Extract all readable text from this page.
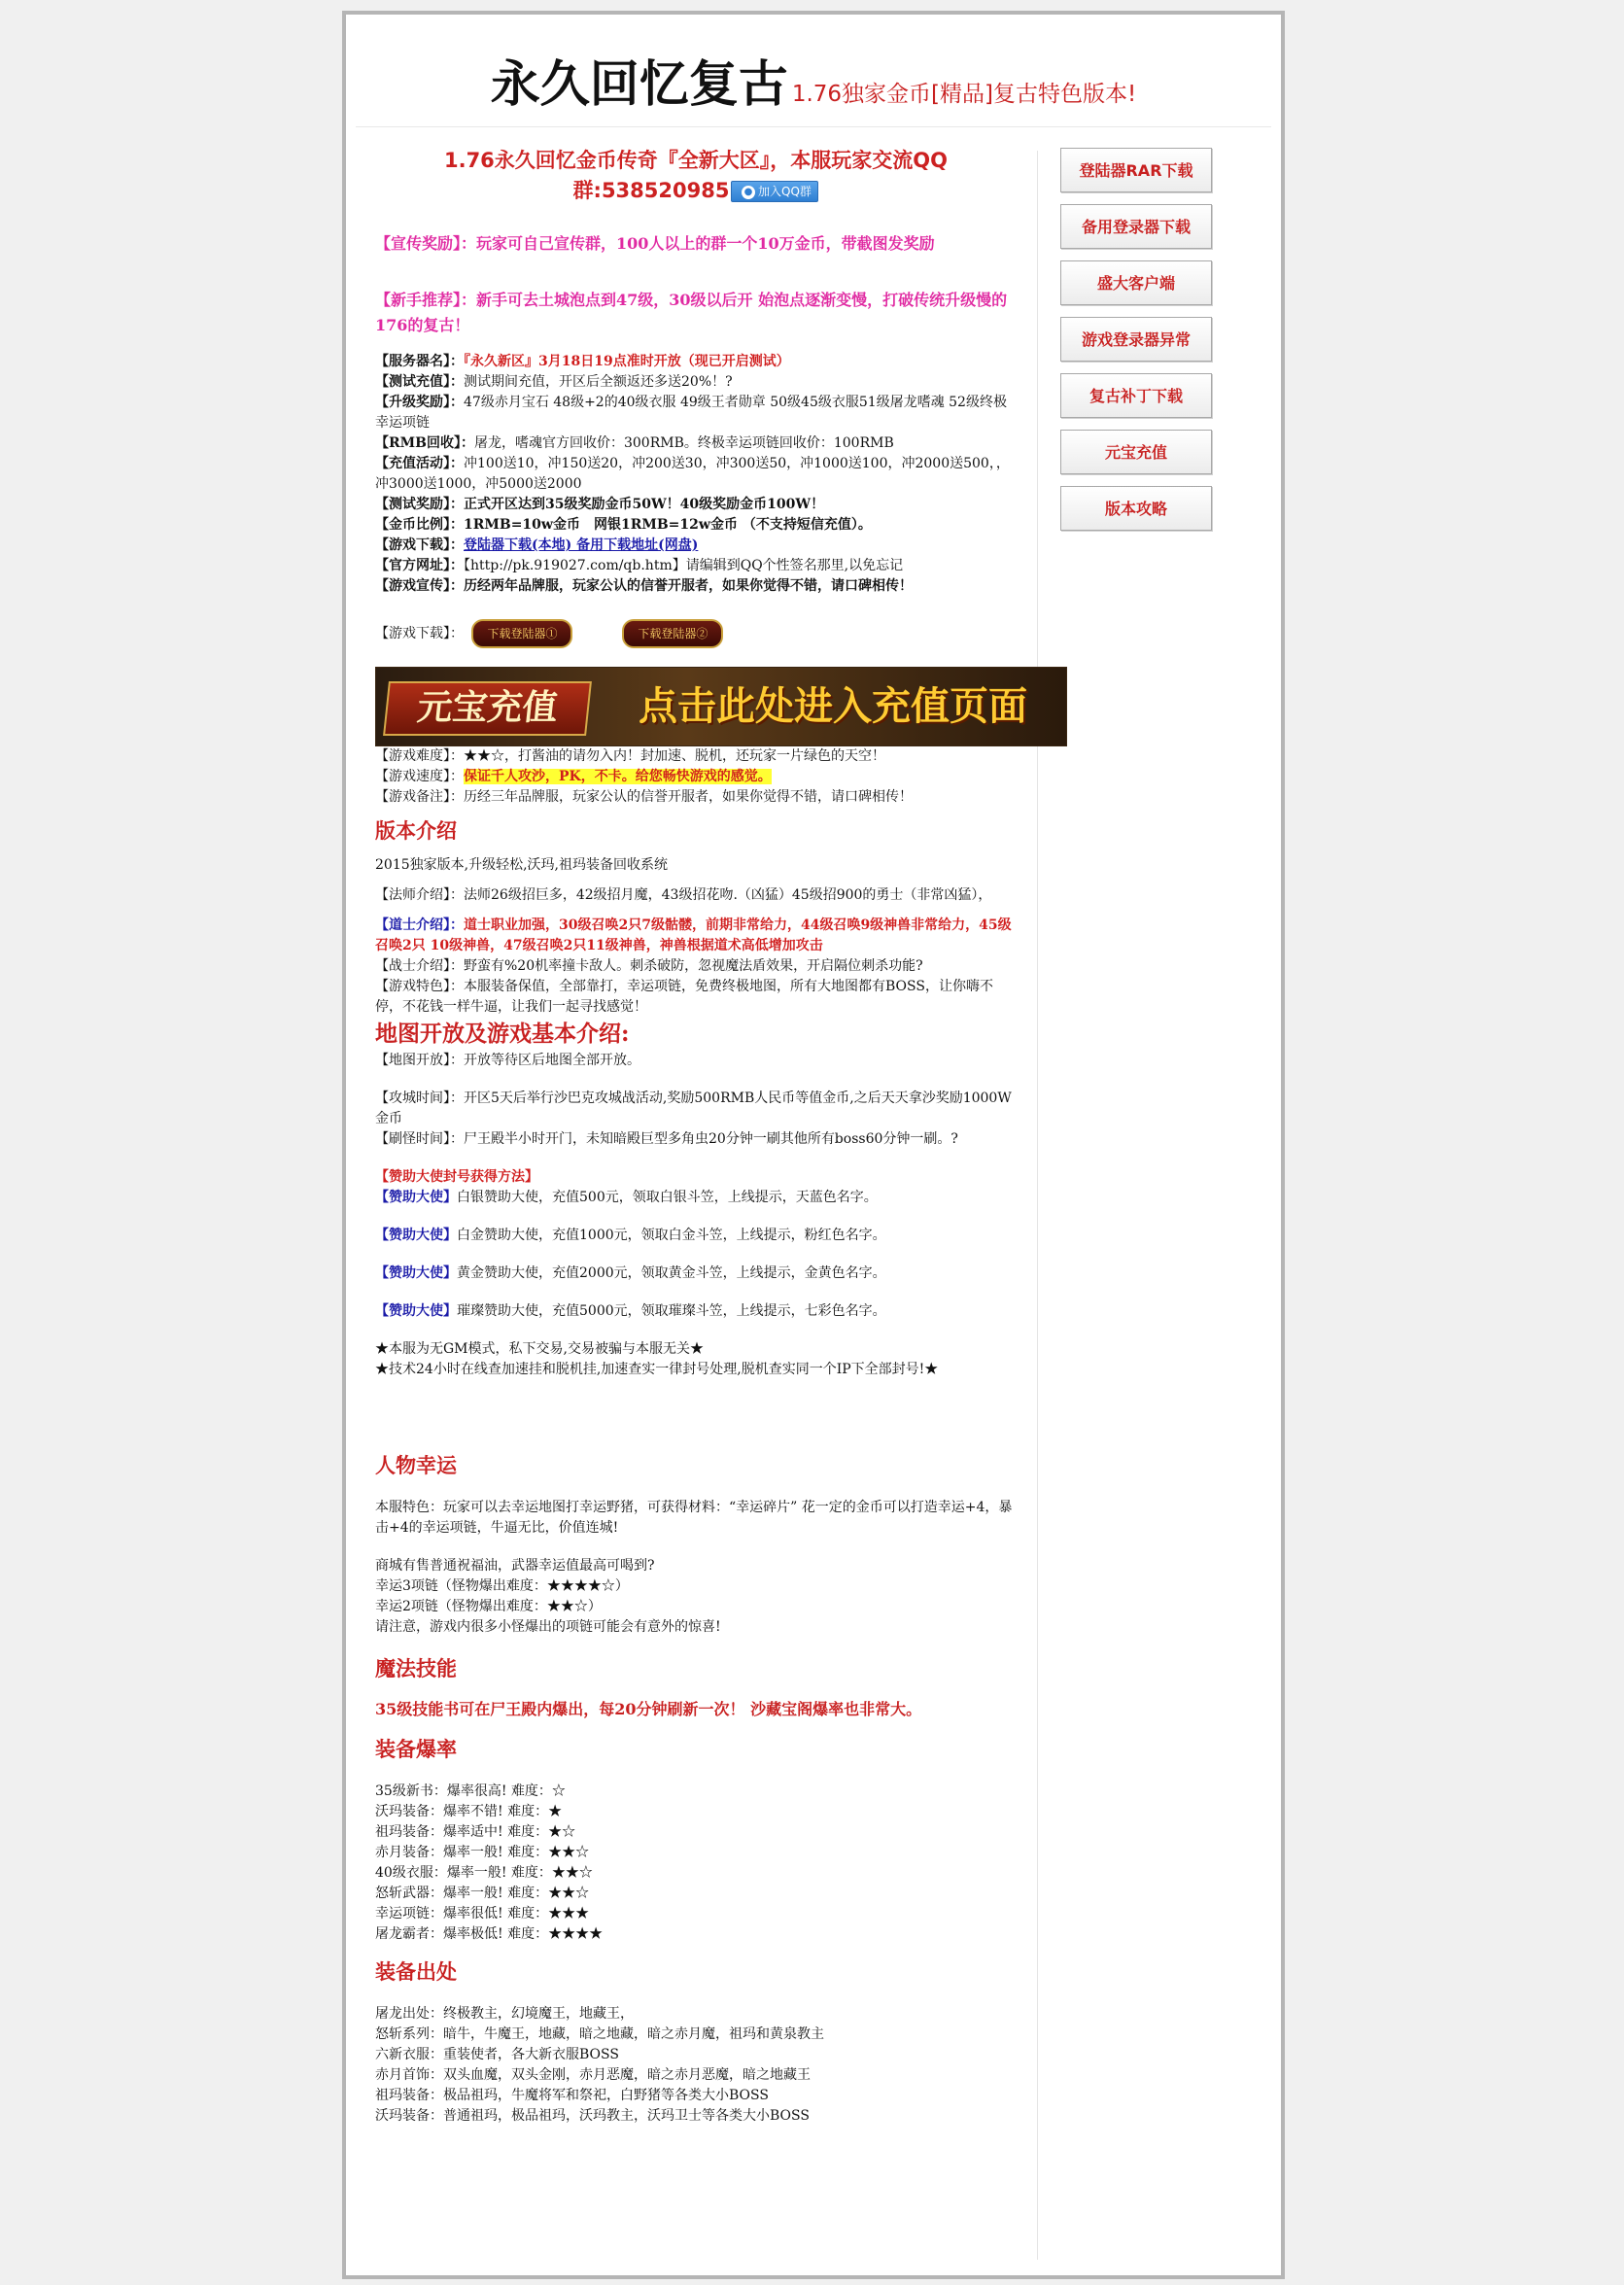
永久回忆复古 1.76独家金币[精品]复古特色版本!
1.76永久回忆金币传奇『全新大区』，本服玩家交流QQ
群:538520985 ● 加入QQ群

【宣传奖励】：玩家可自己宣传群，100人以上的群一个10万金币，带截图发奖励

【新手推荐】：新手可去土城泡点到47级，30级以后开 始泡点逐渐变慢，打破传统升级慢的176的复古！

【服务器名】：『永久新区』3月18日19点准时开放（现已开启测试）

【测试充值】：测试期间充值，开区后全额返还多送20%！?

【升级奖励】：47级赤月宝石 48级+2的40级衣服 49级王者勋章 50级45级衣服51级屠龙嗜魂 52级终极幸运项链

【RMB回收】：屠龙，嗜魂官方回收价：300RMB。终极幸运项链回收价：100RMB

【充值活动】：冲100送10，冲150送20，冲200送30，冲300送50，冲1000送100，冲2000送500，，冲3000送1000，冲5000送2000

【测试奖励】：正式开区达到35级奖励金币50W！40级奖励金币100W！

【金币比例】：1RMB=10w金币　网银1RMB=12w金币 （不支持短信充值）。

【游戏下载】：登陆器下载(本地) 备用下载地址(网盘)

【官方网址】：【http://pk.919027.com/qb.htm】请编辑到QQ个性签名那里,以免忘记

【游戏宣传】：历经两年品牌服，玩家公认的信誉开服者，如果你觉得不错，请口碑相传！

【游戏下载】： 下载登陆器①	下载登陆器②

元宝充值	点击此处进入充值页面

【游戏难度】：★★☆，打酱油的请勿入内！封加速、脱机，还玩家一片绿色的天空！

【游戏速度】：保证千人攻沙，PK，不卡。给您畅快游戏的感觉。

【游戏备注】：历经三年品牌服，玩家公认的信誉开服者，如果你觉得不错，请口碑相传！

版本介绍

2015独家版本,升级轻松,沃玛,祖玛装备回收系统

【法师介绍】：法师26级招巨多，42级招月魔，43级招花吻.（凶猛）45级招900的勇士（非常凶猛），

【道士介绍】：道士职业加强，30级召唤2只7级骷髅，前期非常给力，44级召唤9级神兽非常给力，45级召唤2只 10级神兽，47级召唤2只11级神兽，神兽根据道术高低增加攻击

【战士介绍】：野蛮有%20机率撞卡敌人。刺杀破防，忽视魔法盾效果，开启隔位刺杀功能?

【游戏特色】：本服装备保值，全部靠打，幸运项链，免费终极地图，所有大地图都有BOSS，让你嗨不停，不花钱一样牛逼，让我们一起寻找感觉！

地图开放及游戏基本介绍:

【地图开放】：开放等待区后地图全部开放。

【攻城时间】：开区5天后举行沙巴克攻城战活动,奖励500RMB人民币等值金币,之后天天拿沙奖励1000W金币

【刷怪时间】：尸王殿半小时开门，未知暗殿巨型多角虫20分钟一刷其他所有boss60分钟一刷。?

【赞助大使封号获得方法】

【赞助大使】白银赞助大使，充值500元，领取白银斗笠，上线提示，天蓝色名字。

【赞助大使】白金赞助大使，充值1000元，领取白金斗笠，上线提示，粉红色名字。

【赞助大使】黄金赞助大使，充值2000元，领取黄金斗笠，上线提示，金黄色名字。

【赞助大使】璀璨赞助大使，充值5000元，领取璀璨斗笠，上线提示，七彩色名字。

★本服为无GM模式，私下交易,交易被骗与本服无关★

★技术24小时在线查加速挂和脱机挂,加速查实一律封号处理,脱机查实同一个IP下全部封号!★

人物幸运

本服特色：玩家可以去幸运地图打幸运野猪，可获得材料：“幸运碎片” 花一定的金币可以打造幸运+4，暴击+4的幸运项链，牛逼无比，价值连城!

商城有售普通祝福油，武器幸运值最高可喝到?

幸运3项链（怪物爆出难度：★★★★☆）

幸运2项链（怪物爆出难度：★★☆）

请注意，游戏内很多小怪爆出的项链可能会有意外的惊喜!

魔法技能

35级技能书可在尸王殿内爆出，每20分钟刷新一次！ 沙藏宝阁爆率也非常大。

装备爆率

35级新书：爆率很高! 难度：☆

沃玛装备：爆率不错! 难度：★

祖玛装备：爆率适中! 难度：★☆

赤月装备：爆率一般! 难度：★★☆

40级衣服：爆率一般! 难度：★★☆

怒斩武器：爆率一般! 难度：★★☆

幸运项链：爆率很低! 难度：★★★

屠龙霸者：爆率极低! 难度：★★★★

装备出处

屠龙出处：终极教主，幻境魔王，地藏王，

怒斩系列：暗牛，牛魔王，地藏，暗之地藏，暗之赤月魔，祖玛和黄泉教主

六新衣服：重装使者，各大新衣服BOSS

赤月首饰：双头血魔，双头金刚，赤月恶魔，暗之赤月恶魔，暗之地藏王

祖玛装备：极品祖玛，牛魔将军和祭祀，白野猪等各类大小BOSS

沃玛装备：普通祖玛，极品祖玛，沃玛教主，沃玛卫士等各类大小BOSS

登陆器RAR下载
备用登录器下载
盛大客户端
游戏登录器异常
复古补丁下载
元宝充值
版本攻略
